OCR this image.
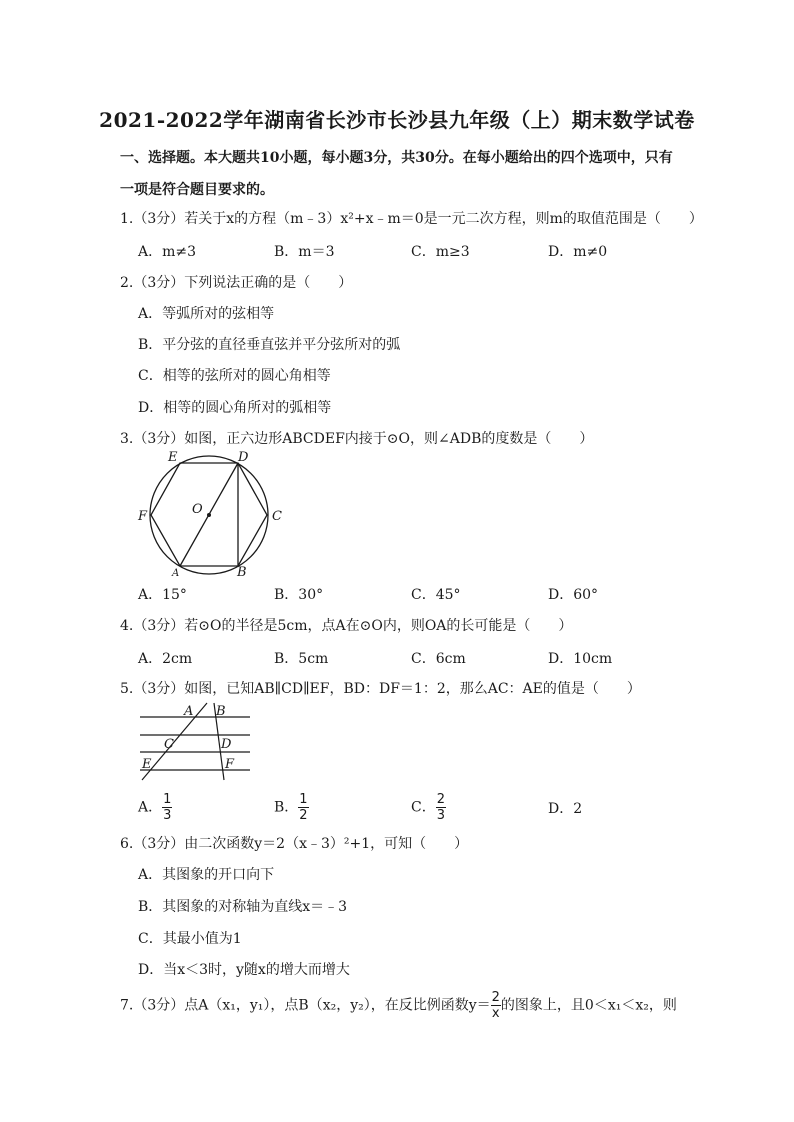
2021-2022学年湖南省长沙市长沙县九年级（上）期末数学试卷
一、选择题。本大题共10小题，每小题3分，共30分。在每小题给出的四个选项中，只有一项是符合题目要求的。
1.（3分）若关于x的方程（m﹣3）x²+x﹣m＝0是一元二次方程，则m的取值范围是（　　）
A．m≠3	B．m＝3	C．m≥3	D．m≠0
2.（3分）下列说法正确的是（　　）
A．等弧所对的弦相等
B．平分弦的直径垂直弦并平分弦所对的弧
C．相等的弦所对的圆心角相等
D．相等的圆心角所对的弧相等
3.（3分）如图，正六边形ABCDEF内接于⊙O，则∠ADB的度数是（　　）
E	D
F	O	C
A	B
A．15°	B．30°	C．45°	D．60°
4.（3分）若⊙O的半径是5cm，点A在⊙O内，则OA的长可能是（　　）
A．2cm	B．5cm	C．6cm	D．10cm
5.（3分）如图，已知AB∥CD∥EF，BD：DF＝1：2，那么AC：AE的值是（　　）
A B
C	D
E	F
A． $\frac{1}{3}$	B． $\frac{1}{2}$	C． $\frac{2}{3}$	D．2
6.（3分）由二次函数y＝2（x﹣3）²+1，可知（　　）
A．其图象的开口向下
B．其图象的对称轴为直线x＝﹣3
C．其最小值为1
D．当x＜3时，y随x的增大而增大
7.（3分）点A（x₁，y₁），点B（x₂，y₂），在反比例函数$y= \frac{2}{x}$ 的图象上，且0＜x₁＜x₂，则
